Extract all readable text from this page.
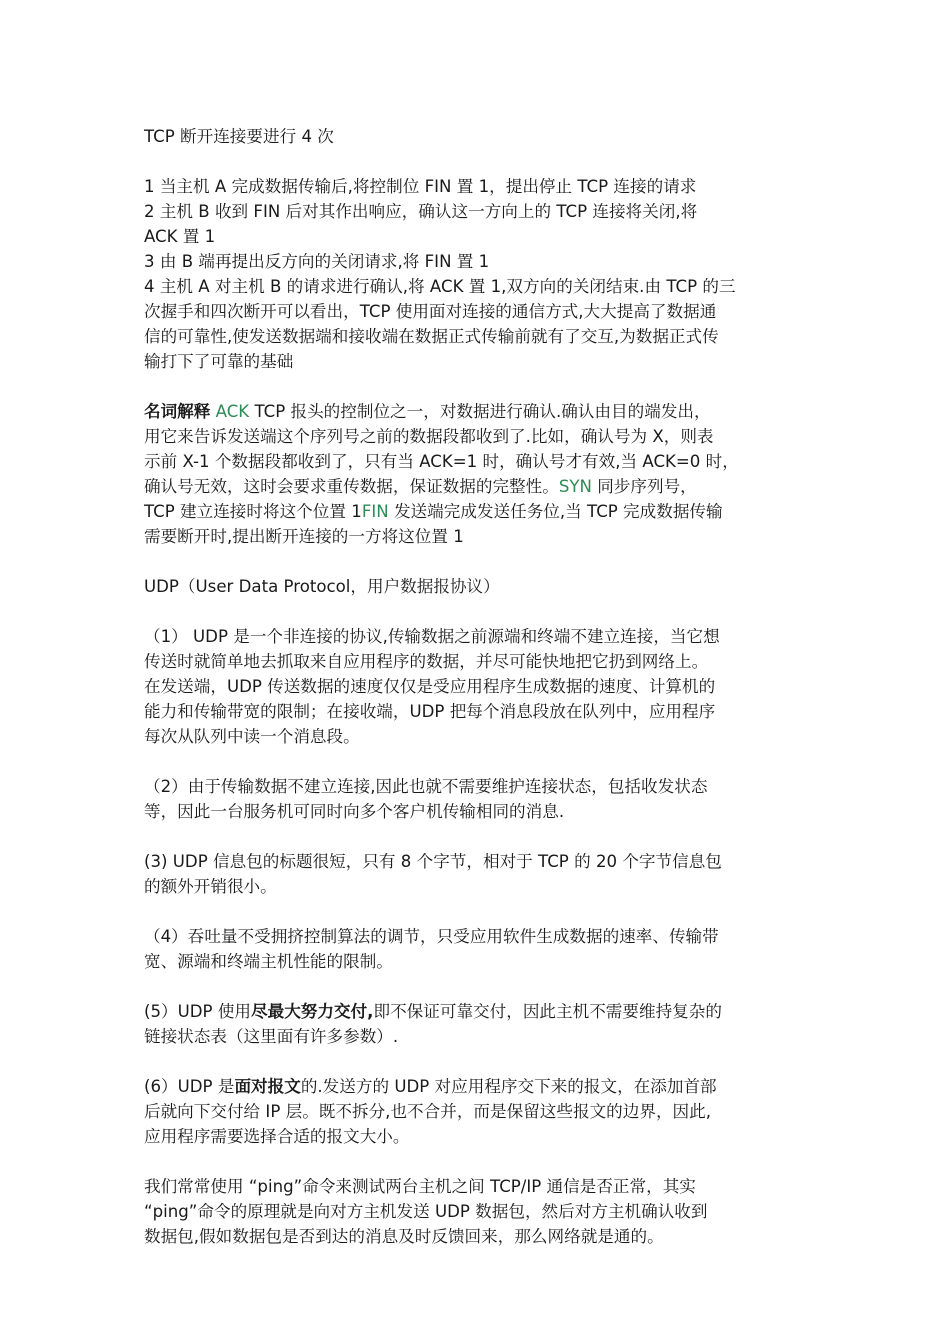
TCP 断开连接要进行 4 次

1 当主机 A 完成数据传输后,将控制位 FIN 置 1，提出停止 TCP 连接的请求

2 主机 B 收到 FIN 后对其作出响应，确认这一方向上的 TCP 连接将关闭,将

ACK 置 1

3 由 B 端再提出反方向的关闭请求,将 FIN 置 1

4 主机 A 对主机 B 的请求进行确认,将 ACK 置 1,双方向的关闭结束.由 TCP 的三

次握手和四次断开可以看出，TCP 使用面对连接的通信方式,大大提高了数据通

信的可靠性,使发送数据端和接收端在数据正式传输前就有了交互,为数据正式传

输打下了可靠的基础

名词解释 ACK TCP 报头的控制位之一，对数据进行确认.确认由目的端发出，

用它来告诉发送端这个序列号之前的数据段都收到了.比如，确认号为 X，则表

示前 X-1 个数据段都收到了，只有当 ACK=1 时，确认号才有效,当 ACK=0 时，

确认号无效，这时会要求重传数据，保证数据的完整性。SYN 同步序列号，

TCP 建立连接时将这个位置 1FIN 发送端完成发送任务位,当 TCP 完成数据传输

需要断开时,提出断开连接的一方将这位置 1

UDP（User Data Protocol，用户数据报协议）

（1） UDP 是一个非连接的协议,传输数据之前源端和终端不建立连接，当它想

传送时就简单地去抓取来自应用程序的数据，并尽可能快地把它扔到网络上。

在发送端，UDP 传送数据的速度仅仅是受应用程序生成数据的速度、计算机的

能力和传输带宽的限制；在接收端，UDP 把每个消息段放在队列中，应用程序

每次从队列中读一个消息段。

（2）由于传输数据不建立连接,因此也就不需要维护连接状态，包括收发状态

等，因此一台服务机可同时向多个客户机传输相同的消息.

(3) UDP 信息包的标题很短，只有 8 个字节，相对于 TCP 的 20 个字节信息包

的额外开销很小。

（4）吞吐量不受拥挤控制算法的调节，只受应用软件生成数据的速率、传输带

宽、源端和终端主机性能的限制。

(5）UDP 使用尽最大努力交付,即不保证可靠交付，因此主机不需要维持复杂的

链接状态表（这里面有许多参数）.

(6）UDP 是面对报文的.发送方的 UDP 对应用程序交下来的报文，在添加首部

后就向下交付给 IP 层。既不拆分,也不合并，而是保留这些报文的边界，因此,

应用程序需要选择合适的报文大小。

我们常常使用 “ping”命令来测试两台主机之间 TCP/IP 通信是否正常，其实

“ping”命令的原理就是向对方主机发送 UDP 数据包，然后对方主机确认收到

数据包,假如数据包是否到达的消息及时反馈回来，那么网络就是通的。
